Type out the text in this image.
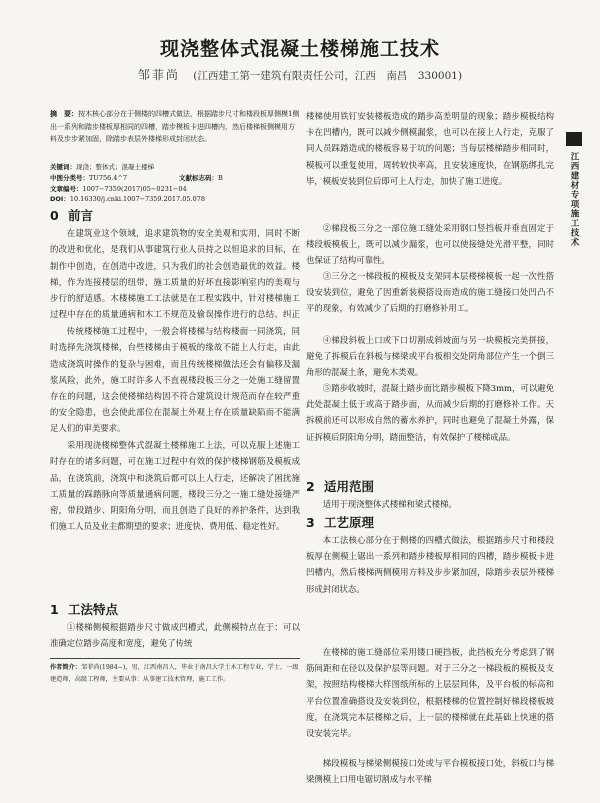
现浇整体式混凝土楼梯施工技术
邹菲尚 (江西建工第一建筑有限责任公司，江西　南昌　330001)
摘　要：按木核心部分在于侧楼的四槽式做法，根据踏步尺寸和楼段板厚侧模1侧出一系列和踏步楼板厚相同的四槽，踏步模板卡进四槽内，然后楼梯板侧模用方料及步步紧加固，除踏步表层外楼梯形成封闭状态。
关键词：现浇；整体式；混凝土楼梯
中图分类号：TU756.4^7	文献标志码：B
文章编号：1007−7359(2017)05−0231−04
DOI：10.16330/j.cnki.1007−7359.2017.05.078
0 前言

在建筑业这个领域，追求建筑物的安全美观和实用，同时不断的改进和优化，是我们从事建筑行业人员持之以恒追求的目标，在制作中创造，在创造中改进，只为我们的社会创造最优的效益。楼梯，作为连接楼层的纽带，施工质量的好坏直接影响室内的美观与步行的舒适感。木楼梯施工工法就是在工程实践中，针对楼梯施工过程中存在的质量通病和木工不规范及偷误操作进行的总结、纠正

传统楼梯施工过程中，一般会将楼梯与结构楼面一同浇筑，同时选择先浇筑楼梯，台些楼梯由于模板的缘故不能上人行走，由此造成浇筑时操作的复杂与困难，而且传统楼梯做法还会有偏移及漏浆风险，此外，施工时许多人不直视楼段板三分之一处施工缝留置存在的问题，这会使楼梯结构因不符合建筑设计规范而存在较严重的安全隐患，也会使此部位在混凝土外观上存在质量缺陷而不能满足人们的审美要求。

采用现浇楼梯整体式混凝土楼梯施工上法，可以克服上述施工时存在的诸多问题，可在施工过程中有效的保护楼梯钢筋及模板成品，在浇筑前，浇筑中和浇筑后都可以上人行走，还解决了困扰施工质量的踩踏脉向等质量通病问题，楼段三分之一施工缝处接缝严密，带段踏步、阴阳角分明，而且创造了良好的养护条件，达到我们施工人员及业主都期望的要求；进度快、费用低、稳定性好。

1 工法特点

①楼梯侧模根据踏步尺寸做成凹槽式，此侧模特点在于：可以准确定位踏步高度和宽度，避免了传统

楼梯使用铁钉安装楼板造成的踏步高差明显的现象；踏步模板结构卡在凹槽内，既可以减少侧模漏浆，也可以在接上人行走，克服了同人员踩踏造成的楼板容易于坑的问题；当每层楼梯踏步相同时，模板可以重复使用，周转较快率高，且安装速度快，在钢筋绑扎完毕，模板安装到位后即可上人行走，加快了施工进度。

②梯段板三分之一部位施工缝处采用钢口竖挡板并垂直固定于楼段板模板上，既可以减少漏浆，也可以使接缝处光滑平整，同时也保证了结构可靠性。

③三分之一梯段板的模板及支架同本层楼梯模板一起一次性搭设安装到位，避免了因重新装模搭设而造成的施工缝接口处凹凸不平的现象，有效减少了后期的打磨修补用工。

④梯段斜板上口或下口切割成斜坡面与另一块模板完美拼接，避免了拆模后在斜板与梯梁或平台板相交处阴角部位产生一个倒三角形的混凝土条，避免木类观。

⑤踏步收坡时，混凝土踏步面比踏步模板下降3mm，可以避免此处混凝土低于或高于踏步面，从而减少后期的打磨修补工作。天拆模前还可以形成自然的蓄水养护，同时也避免了混凝土外露，保证拆模后阴阳角分明，踏面整洁，有效保护了楼梯成品。

2 适用范围

适用于现浇整体式楼梯和梁式楼梯。

3 工艺原理

本工法核心部分在于侧楼的四槽式做法，根据踏步尺寸和楼段板厚在侧模上锯出一系列和踏步楼板厚相同的四槽，踏步模板卡进凹槽内，然后楼梯两侧模用方料及步步紧加固，除踏步表层外楼梯形成封闭状态。

在楼梯的施工缝部位采用镂口硬挡板，此挡板充分考虑到了钢筋间距和在径以及保护层等问题。对于三分之一梯段板的模板及支架，按照结构楼梯大样图纸所标的上层层间体，及平台板的标高和平台位置准确搭设及安装到位，根据楼梯的位置控制好梯段楼板坡度，在浇筑完本层楼梯之后，上一层的楼梯就在此基础上快速的搭设安装完毕。

梯段模板与梯梁侧模接口处或与平台模板接口处，斜板口与梯梁侧模上口用电锯切割成与水平梯

作者简介：邹菲尚(1984−)，男，江西南昌人，毕业于南昌大学土木工程专业，学士，一级建造师，高级工程师，主要从事：从事建工技术管理，施工工作。
江西建材专项施工技术
